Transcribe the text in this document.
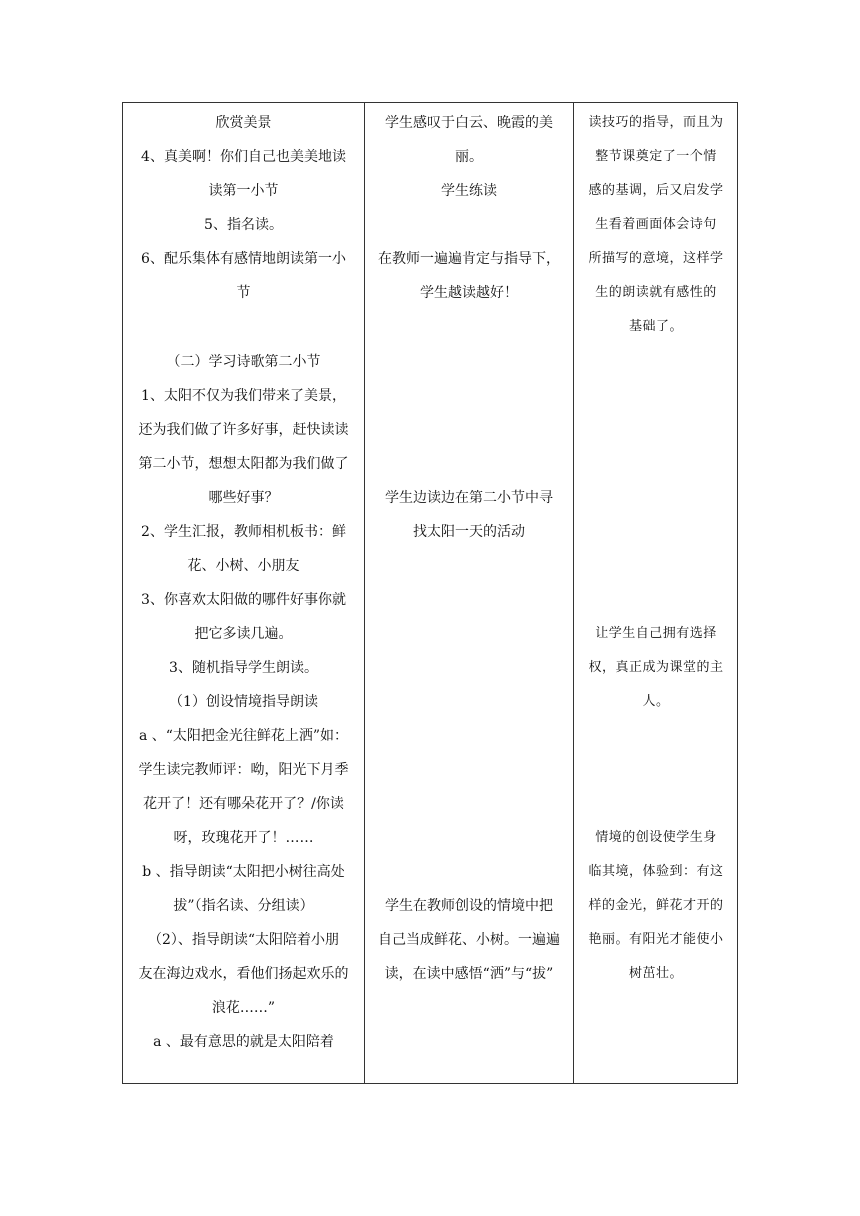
欣赏美景
4、真美啊！你们自己也美美地读
读第一小节
5、指名读。
6、配乐集体有感情地朗读第一小
节
（二）学习诗歌第二小节
1、太阳不仅为我们带来了美景，
还为我们做了许多好事，赶快读读
第二小节，想想太阳都为我们做了
哪些好事？
2、学生汇报，教师相机板书：鲜
花、小树、小朋友
3、你喜欢太阳做的哪件好事你就
把它多读几遍。
3、随机指导学生朗读。
（1）创设情境指导朗读
a 、“太阳把金光往鲜花上洒”如：
学生读完教师评：呦，阳光下月季
花开了！还有哪朵花开了？/你读
呀，玫瑰花开了！……
b 、指导朗读“太阳把小树往高处
拔”（指名读、分组读）
（2）、指导朗读“太阳陪着小朋
友在海边戏水，看他们扬起欢乐的
浪花……”
a 、最有意思的就是太阳陪着
学生感叹于白云、晚霞的美
丽。
学生练读
在教师一遍遍肯定与指导下，
学生越读越好！
学生边读边在第二小节中寻
找太阳一天的活动
学生在教师创设的情境中把
自己当成鲜花、小树。一遍遍
读，在读中感悟“洒”与“拔”
读技巧的指导，而且为
整节课奠定了一个情
感的基调，后又启发学
生看着画面体会诗句
所描写的意境，这样学
生的朗读就有感性的
基础了。
让学生自己拥有选择
权，真正成为课堂的主
人。
情境的创设使学生身
临其境，体验到：有这
样的金光，鲜花才开的
艳丽。有阳光才能使小
树茁壮。
